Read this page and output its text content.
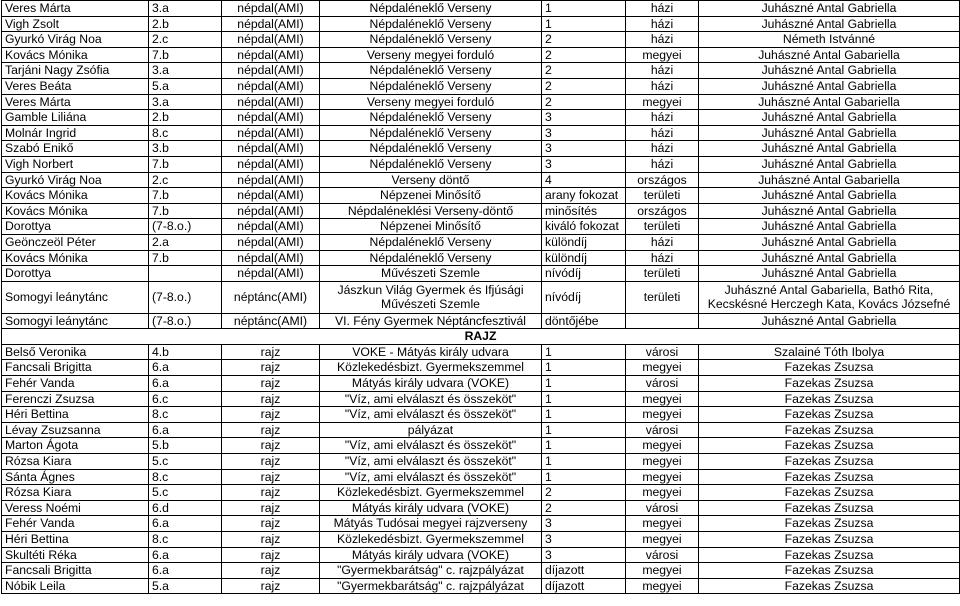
Veres Márta	3.a	népdal(AMI)	Népdaléneklő Verseny	1	házi	Juhászné Antal Gabriella
Vigh Zsolt	2.b	népdal(AMI)	Népdaléneklő Verseny	1	házi	Juhászné Antal Gabriella
Gyurkó Virág Noa	2.c	népdal(AMI)	Népdaléneklő Verseny	2	házi	Németh Istvánné
Kovács Mónika	7.b	népdal(AMI)	Verseny megyei forduló	2	megyei	Juhászné Antal Gabariella
Tarjáni Nagy Zsófia	3.a	népdal(AMI)	Népdaléneklő Verseny	2	házi	Juhászné Antal Gabriella
Veres Beáta	5.a	népdal(AMI)	Népdaléneklő Verseny	2	házi	Juhászné Antal Gabriella
Veres Márta	3.a	népdal(AMI)	Verseny megyei forduló	2	megyei	Juhászné Antal Gabariella
Gamble Liliána	2.b	népdal(AMI)	Népdaléneklő Verseny	3	házi	Juhászné Antal Gabriella
Molnár Ingrid	8.c	népdal(AMI)	Népdaléneklő Verseny	3	házi	Juhászné Antal Gabriella
Szabó Enikő	3.b	népdal(AMI)	Népdaléneklő Verseny	3	házi	Juhászné Antal Gabriella
Vigh Norbert	7.b	népdal(AMI)	Népdaléneklő Verseny	3	házi	Juhászné Antal Gabriella
Gyurkó Virág Noa	2.c	népdal(AMI)	Verseny döntő	4	országos	Juhászné Antal Gabariella
Kovács Mónika	7.b	népdal(AMI)	Népzenei Minősítő	arany fokozat	területi	Juhászné Antal Gabriella
Kovács Mónika	7.b	népdal(AMI)	Népdaléneklési Verseny-döntő	minősítés	országos	Juhászné Antal Gabriella
Dorottya	(7-8.o.)	népdal(AMI)	Népzenei Minősítő	kiváló fokozat	területi	Juhászné Antal Gabriella
Geönczeöl Péter	2.a	népdal(AMI)	Népdaléneklő Verseny	különdíj	házi	Juhászné Antal Gabriella
Kovács Mónika	7.b	népdal(AMI)	Népdaléneklő Verseny	különdíj	házi	Juhászné Antal Gabriella
Dorottya		népdal(AMI)	Művészeti Szemle	nívódíj	területi	Juhászné Antal Gabriella
Somogyi leánytánc	(7-8.o.)	néptánc(AMI)	Jászkun Világ Gyermek és Ifjúsági Művészeti Szemle	nívódíj	területi	Juhászné Antal Gabariella, Bathó Rita, Kecskésné Herczegh Kata, Kovács Józsefné
Somogyi leánytánc	(7-8.o.)	néptánc(AMI)	VI. Fény Gyermek Néptáncfesztivál	döntőjébe		Juhászné Antal Gabriella
RAJZ						
Belső Veronika	4.b	rajz	VOKE - Mátyás király udvara	1	városi	Szalainé Tóth Ibolya
Fancsali Brigitta	6.a	rajz	Közlekedésbizt. Gyermekszemmel	1	megyei	Fazekas Zsuzsa
Fehér Vanda	6.a	rajz	Mátyás király udvara (VOKE)	1	városi	Fazekas Zsuzsa
Ferenczi Zsuzsa	6.c	rajz	"Víz, ami elválaszt és összeköt"	1	megyei	Fazekas Zsuzsa
Héri Bettina	8.c	rajz	"Víz, ami elválaszt és összeköt"	1	megyei	Fazekas Zsuzsa
Lévay Zsuzsanna	6.a	rajz	pályázat	1	városi	Fazekas Zsuzsa
Marton Ágota	5.b	rajz	"Víz, ami elválaszt és összeköt"	1	megyei	Fazekas Zsuzsa
Rózsa Kiara	5.c	rajz	"Víz, ami elválaszt és összeköt"	1	megyei	Fazekas Zsuzsa
Sánta Ágnes	8.c	rajz	"Víz, ami elválaszt és összeköt"	1	megyei	Fazekas Zsuzsa
Rózsa Kiara	5.c	rajz	Közlekedésbizt. Gyermekszemmel	2	megyei	Fazekas Zsuzsa
Veress Noémi	6.d	rajz	Mátyás király udvara (VOKE)	2	városi	Fazekas Zsuzsa
Fehér Vanda	6.a	rajz	Mátyás Tudósai megyei rajzverseny	3	megyei	Fazekas Zsuzsa
Héri Bettina	8.c	rajz	Közlekedésbizt. Gyermekszemmel	3	megyei	Fazekas Zsuzsa
Skultéti Réka	6.a	rajz	Mátyás király udvara (VOKE)	3	városi	Fazekas Zsuzsa
Fancsali Brigitta	6.a	rajz	"Gyermekbarátság" c. rajzpályázat	díjazott	megyei	Fazekas Zsuzsa
Nóbik Leila	5.a	rajz	"Gyermekbarátság" c. rajzpályázat	díjazott	megyei	Fazekas Zsuzsa
